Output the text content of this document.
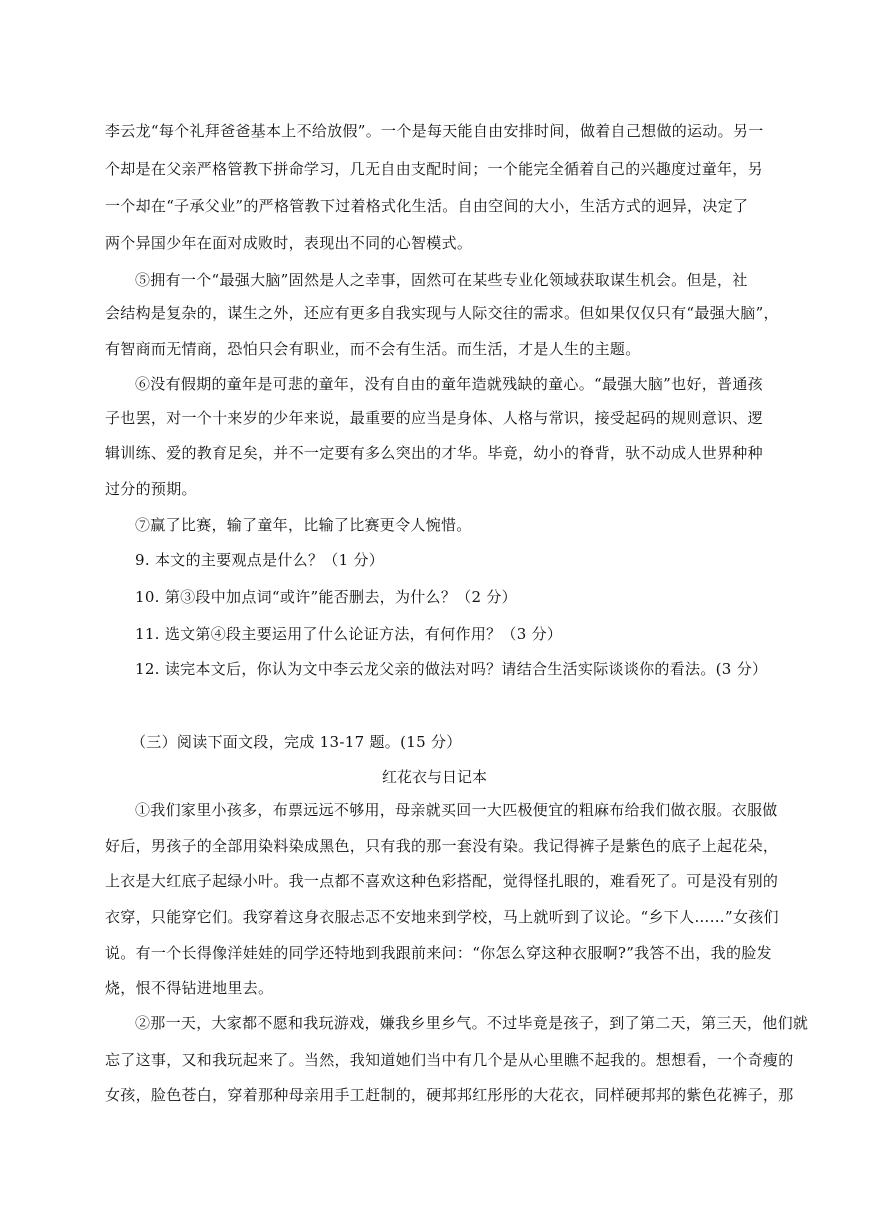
李云龙“每个礼拜爸爸基本上不给放假”。一个是每天能自由安排时间，做着自己想做的运动。另一
个却是在父亲严格管教下拼命学习，几无自由支配时间；一个能完全循着自己的兴趣度过童年，另
一个却在“子承父业”的严格管教下过着格式化生活。自由空间的大小，生活方式的迥异，决定了
两个异国少年在面对成败时，表现出不同的心智模式。
⑤拥有一个“最强大脑”固然是人之幸事，固然可在某些专业化领域获取谋生机会。但是，社
会结构是复杂的，谋生之外，还应有更多自我实现与人际交往的需求。但如果仅仅只有“最强大脑”，
有智商而无情商，恐怕只会有职业，而不会有生活。而生活，才是人生的主题。
⑥没有假期的童年是可悲的童年，没有自由的童年造就残缺的童心。“最强大脑”也好，普通孩
子也罢，对一个十来岁的少年来说，最重要的应当是身体、人格与常识，接受起码的规则意识、逻
辑训练、爱的教育足矣，并不一定要有多么突出的才华。毕竟，幼小的脊背，驮不动成人世界种种
过分的预期。
⑦赢了比赛，输了童年，比输了比赛更令人惋惜。
9. 本文的主要观点是什么？（1 分）
10. 第③段中加点词“或许”能否删去，为什么？（2 分）
11. 选文第④段主要运用了什么论证方法，有何作用？（3 分）
12. 读完本文后，你认为文中李云龙父亲的做法对吗？请结合生活实际谈谈你的看法。(3 分）
（三）阅读下面文段，完成 13-17 题。(15 分）
红花衣与日记本
①我们家里小孩多，布票远远不够用，母亲就买回一大匹极便宜的粗麻布给我们做衣服。衣服做
好后，男孩子的全部用染料染成黑色，只有我的那一套没有染。我记得裤子是紫色的底子上起花朵，
上衣是大红底子起绿小叶。我一点都不喜欢这种色彩搭配，觉得怪扎眼的，难看死了。可是没有别的
衣穿，只能穿它们。我穿着这身衣服忐忑不安地来到学校，马上就听到了议论。“乡下人……”女孩们
说。有一个长得像洋娃娃的同学还特地到我跟前来问：“你怎么穿这种衣服啊?”我答不出，我的脸发
烧，恨不得钻进地里去。
②那一天，大家都不愿和我玩游戏，嫌我乡里乡气。不过毕竟是孩子，到了第二天，第三天，他们就
忘了这事，又和我玩起来了。当然，我知道她们当中有几个是从心里瞧不起我的。想想看，一个奇瘦的
女孩，脸色苍白，穿着那种母亲用手工赶制的，硬邦邦红彤彤的大花衣，同样硬邦邦的紫色花裤子，那
